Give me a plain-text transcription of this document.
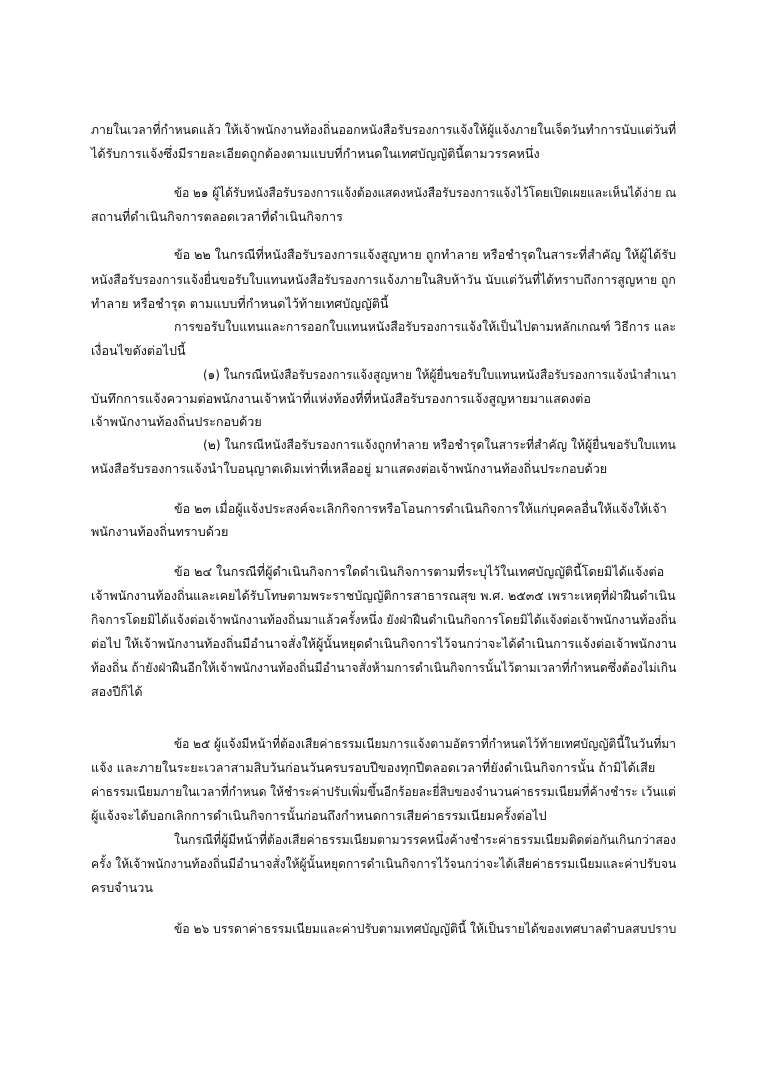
ภายในเวลาที่กำหนดแล้ว ให้เจ้าพนักงานท้องถิ่นออกหนังสือรับรองการแจ้งให้ผู้แจ้งภายในเจ็ดวันทำการนับแต่วันที่
ได้รับการแจ้งซึ่งมีรายละเอียดถูกต้องตามแบบที่กำหนดในเทศบัญญัตินี้ตามวรรคหนึ่ง
ข้อ ๒๑ ผู้ได้รับหนังสือรับรองการแจ้งต้องแสดงหนังสือรับรองการแจ้งไว้โดยเปิดเผยและเห็นได้ง่าย ณ
สถานที่ดำเนินกิจการตลอดเวลาที่ดำเนินกิจการ
ข้อ ๒๒ ในกรณีที่หนังสือรับรองการแจ้งสูญหาย ถูกทำลาย หรือชำรุดในสาระที่สำคัญ ให้ผู้ได้รับ
หนังสือรับรองการแจ้งยื่นขอรับใบแทนหนังสือรับรองการแจ้งภายในสิบห้าวัน นับแต่วันที่ได้ทราบถึงการสูญหาย ถูก
ทำลาย หรือชำรุด ตามแบบที่กำหนดไว้ท้ายเทศบัญญัตินี้
การขอรับใบแทนและการออกใบแทนหนังสือรับรองการแจ้งให้เป็นไปตามหลักเกณฑ์ วิธีการ และ
เงื่อนไขดังต่อไปนี้
(๑) ในกรณีหนังสือรับรองการแจ้งสูญหาย ให้ผู้ยื่นขอรับใบแทนหนังสือรับรองการแจ้งนำสำเนา
บันทึกการแจ้งความต่อพนักงานเจ้าหน้าที่แห่งท้องที่ที่หนังสือรับรองการแจ้งสูญหายมาแสดงต่อ
เจ้าพนักงานท้องถิ่นประกอบด้วย
(๒) ในกรณีหนังสือรับรองการแจ้งถูกทำลาย หรือชำรุดในสาระที่สำคัญ ให้ผู้ยื่นขอรับใบแทน
หนังสือรับรองการแจ้งนำใบอนุญาตเดิมเท่าที่เหลืออยู่ มาแสดงต่อเจ้าพนักงานท้องถิ่นประกอบด้วย
ข้อ ๒๓ เมื่อผู้แจ้งประสงค์จะเลิกกิจการหรือโอนการดำเนินกิจการให้แก่บุคคลอื่นให้แจ้งให้เจ้า
พนักงานท้องถิ่นทราบด้วย
ข้อ ๒๔ ในกรณีที่ผู้ดำเนินกิจการใดดำเนินกิจการตามที่ระบุไว้ในเทศบัญญัตินี้โดยมิได้แจ้งต่อ
เจ้าพนักงานท้องถิ่นและเคยได้รับโทษตามพระราชบัญญัติการสาธารณสุข พ.ศ. ๒๕๓๕ เพราะเหตุที่ฝ่าฝืนดำเนิน
กิจการโดยมิได้แจ้งต่อเจ้าพนักงานท้องถิ่นมาแล้วครั้งหนึ่ง ยังฝ่าฝืนดำเนินกิจการโดยมิได้แจ้งต่อเจ้าพนักงานท้องถิ่น
ต่อไป ให้เจ้าพนักงานท้องถิ่นมีอำนาจสั่งให้ผู้นั้นหยุดดำเนินกิจการไว้จนกว่าจะได้ดำเนินการแจ้งต่อเจ้าพนักงาน
ท้องถิ่น ถ้ายังฝ่าฝืนอีกให้เจ้าพนักงานท้องถิ่นมีอำนาจสั่งห้ามการดำเนินกิจการนั้นไว้ตามเวลาที่กำหนดซึ่งต้องไม่เกิน
สองปีก็ได้
ข้อ ๒๕ ผู้แจ้งมีหน้าที่ต้องเสียค่าธรรมเนียมการแจ้งตามอัตราที่กำหนดไว้ท้ายเทศบัญญัตินี้ในวันที่มา
แจ้ง และภายในระยะเวลาสามสิบวันก่อนวันครบรอบปีของทุกปีตลอดเวลาที่ยังดำเนินกิจการนั้น ถ้ามิได้เสีย
ค่าธรรมเนียมภายในเวลาที่กำหนด ให้ชำระค่าปรับเพิ่มขึ้นอีกร้อยละยี่สิบของจำนวนค่าธรรมเนียมที่ค้างชำระ เว้นแต่
ผู้แจ้งจะได้บอกเลิกการดำเนินกิจการนั้นก่อนถึงกำหนดการเสียค่าธรรมเนียมครั้งต่อไป
ในกรณีที่ผู้มีหน้าที่ต้องเสียค่าธรรมเนียมตามวรรคหนึ่งค้างชำระค่าธรรมเนียมติดต่อกันเกินกว่าสอง
ครั้ง ให้เจ้าพนักงานท้องถิ่นมีอำนาจสั่งให้ผู้นั้นหยุดการดำเนินกิจการไว้จนกว่าจะได้เสียค่าธรรมเนียมและค่าปรับจน
ครบจำนวน
ข้อ ๒๖ บรรดาค่าธรรมเนียมและค่าปรับตามเทศบัญญัตินี้ ให้เป็นรายได้ของเทศบาลตำบลสบปราบ
